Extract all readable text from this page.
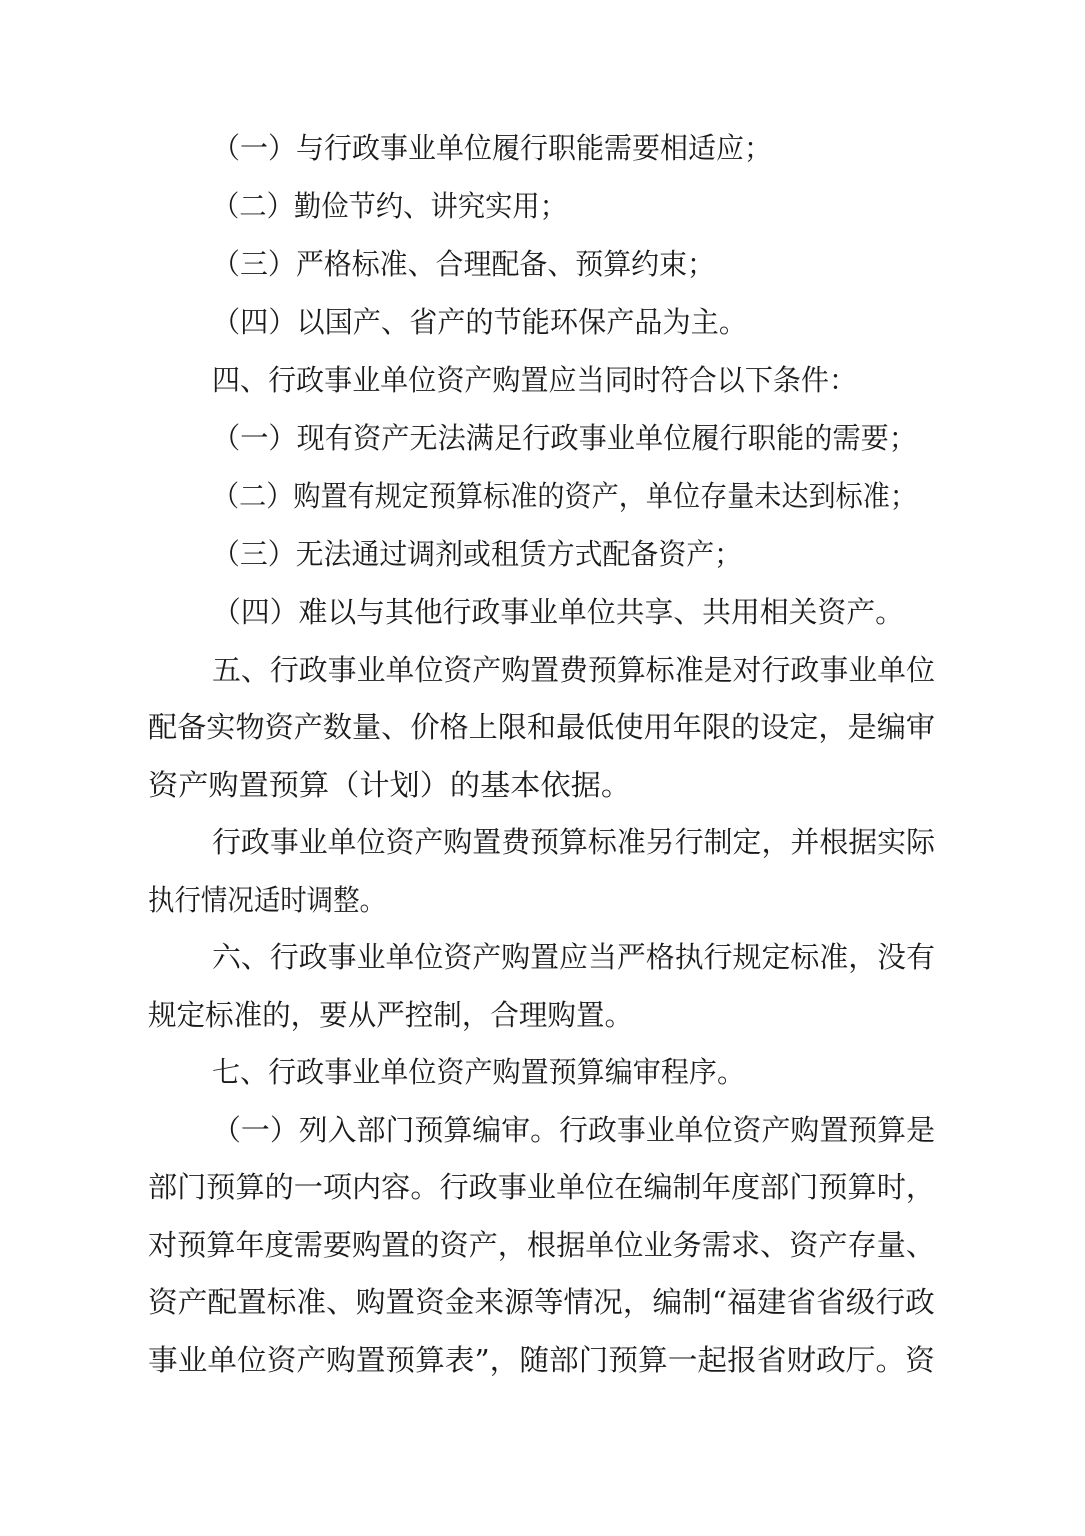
（一）与行政事业单位履行职能需要相适应；

（二）勤俭节约、讲究实用；

（三）严格标准、合理配备、预算约束；

（四）以国产、省产的节能环保产品为主。

四、行政事业单位资产购置应当同时符合以下条件：

（一）现有资产无法满足行政事业单位履行职能的需要；

（二）购置有规定预算标准的资产，单位存量未达到标准；

（三）无法通过调剂或租赁方式配备资产；

（四）难以与其他行政事业单位共享、共用相关资产。

五、行政事业单位资产购置费预算标准是对行政事业单位

配备实物资产数量、价格上限和最低使用年限的设定，是编审

资产购置预算（计划）的基本依据。

行政事业单位资产购置费预算标准另行制定，并根据实际

执行情况适时调整。

六、行政事业单位资产购置应当严格执行规定标准，没有

规定标准的，要从严控制，合理购置。

七、行政事业单位资产购置预算编审程序。

（一）列入部门预算编审。行政事业单位资产购置预算是

部门预算的一项内容。行政事业单位在编制年度部门预算时，

对预算年度需要购置的资产，根据单位业务需求、资产存量、

资产配置标准、购置资金来源等情况，编制“福建省省级行政

事业单位资产购置预算表”，随部门预算一起报省财政厅。资
